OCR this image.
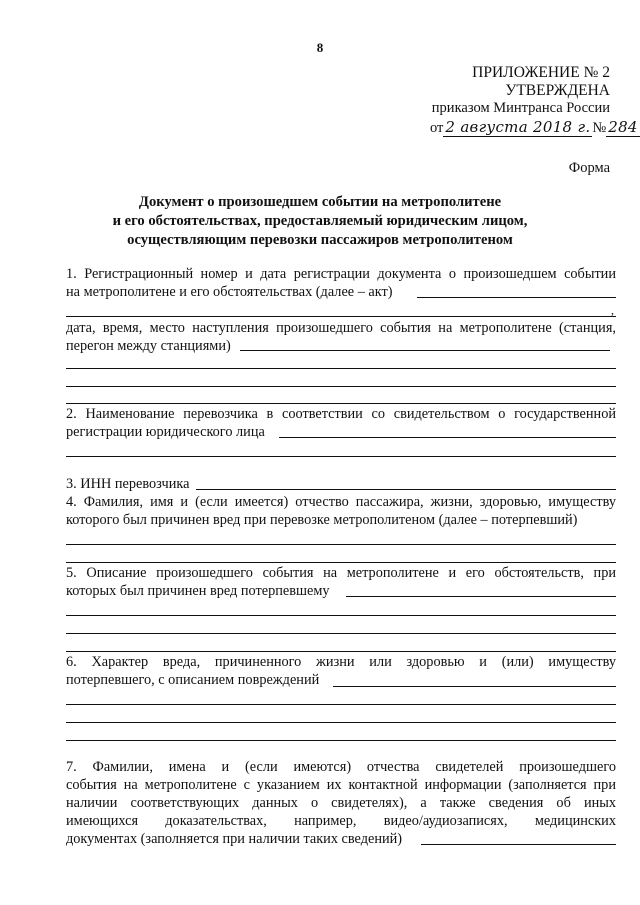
8
ПРИЛОЖЕНИЕ № 2
УТВЕРЖДЕНА
приказом Минтранса России
от 2 августа 2018 г. № 284
Форма
Документ о произошедшем событии на метрополитене
и его обстоятельствах, предоставляемый юридическим лицом,
осуществляющим перевозки пассажиров метрополитеном
1. Регистрационный номер и дата регистрации документа о произошедшем событии
на метрополитене и его обстоятельствах (далее – акт)
,
дата, время, место наступления произошедшего события на метрополитене (станция,
перегон между станциями)
2. Наименование перевозчика в соответствии со свидетельством о государственной
регистрации юридического лица
3. ИНН перевозчика
4. Фамилия, имя и (если имеется) отчество пассажира, жизни, здоровью, имуществу
которого был причинен вред при перевозке метрополитеном (далее – потерпевший)
5. Описание произошедшего события на метрополитене и его обстоятельств, при
которых был причинен вред потерпевшему
6. Характер вреда, причиненного жизни или здоровью и (или) имуществу
потерпевшего, с описанием повреждений
7. Фамилии, имена и (если имеются) отчества свидетелей произошедшего
события на метрополитене с указанием их контактной информации (заполняется при
наличии соответствующих данных о свидетелях), а также сведения об иных
имеющихся доказательствах, например, видео/аудиозаписях, медицинских
документах (заполняется при наличии таких сведений)
